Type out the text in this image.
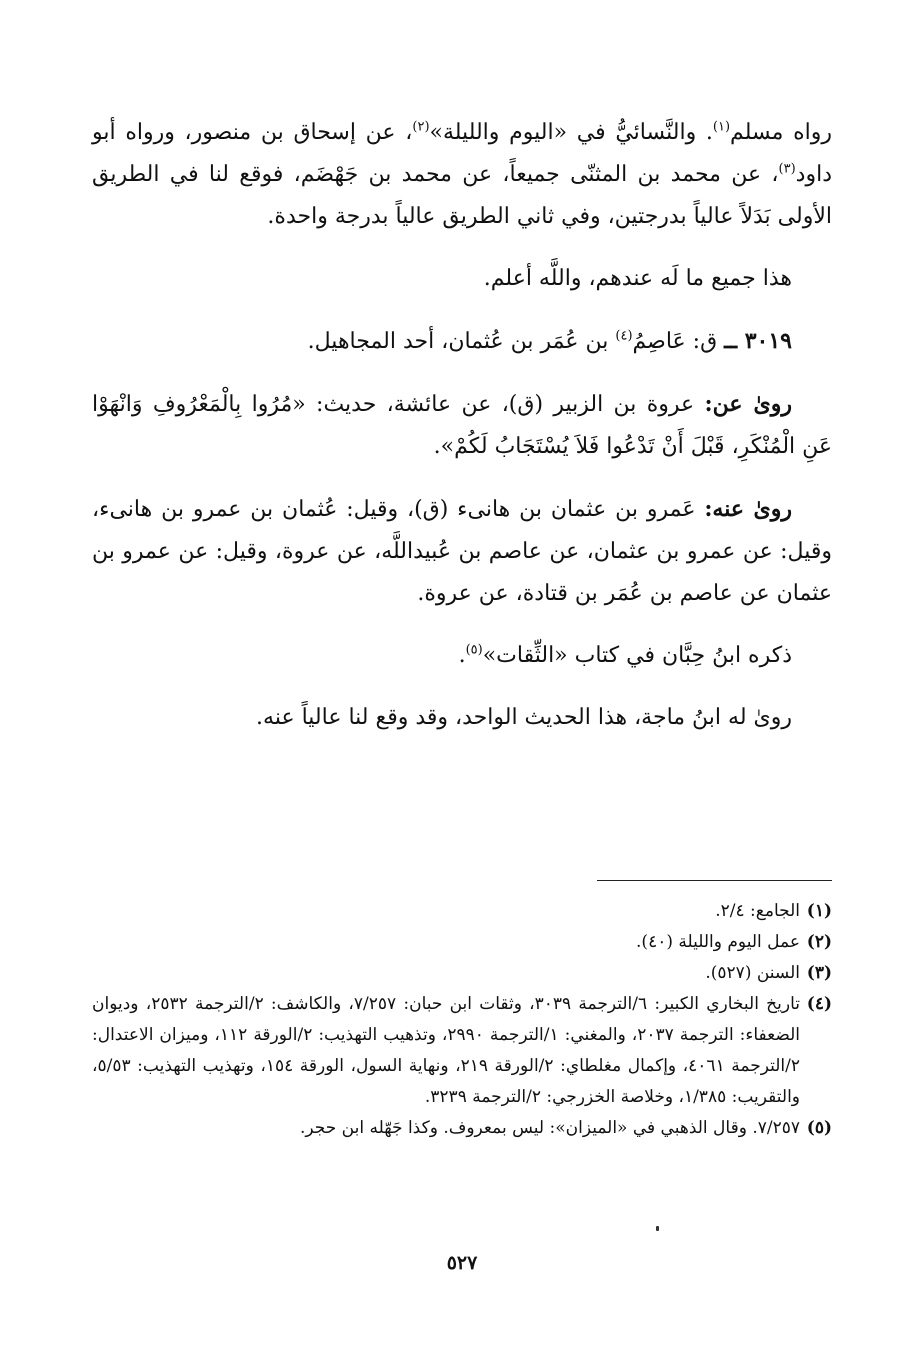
رواه مسلم$^{(١)}$. والنَّسائيُّ في «اليوم والليلة»$^{(٢)}$، عن إسحاق بن منصور، ورواه أبو داود$^{(٣)}$، عن محمد بن المثنّى جميعاً، عن محمد بن جَهْضَم، فوقع لنا في الطريق الأولى بَدَلاً عالياً بدرجتين، وفي ثاني الطريق عالياً بدرجة واحدة.

هذا جميع ما لَه عندهم، واللَّه أعلم.

٣٠١٩ ــ ق: عَاصِمُ$^{(٤)}$ بن عُمَر بن عُثمان، أحد المجاهيل.

روىٰ عن: عروة بن الزبير (ق)، عن عائشة، حديث: «مُرُوا بِالْمَعْرُوفِ وَانْهَوْا عَنِ الْمُنْكَرِ، قَبْلَ أَنْ تَدْعُوا فَلاَ يُسْتَجَابُ لَكُمْ».

روىٰ عنه: عَمرو بن عثمان بن هانىء (ق)، وقيل: عُثمان بن عمرو بن هانىء، وقيل: عن عمرو بن عثمان، عن عاصم بن عُبيداللَّه، عن عروة، وقيل: عن عمرو بن عثمان عن عاصم بن عُمَر بن قتادة، عن عروة.

ذكره ابنُ حِبَّان في كتاب «الثِّقات»$^{(٥)}$.

روىٰ له ابنُ ماجة، هذا الحديث الواحد، وقد وقع لنا عالياً عنه.

(١)
الجامع: ٢/٤.
(٢)
عمل اليوم والليلة (٤٠).
(٣)
السنن (٥٢٧).
(٤)
تاريخ البخاري الكبير: ٦/الترجمة ٣٠٣٩، وثقات ابن حبان: ٧/٢٥٧، والكاشف: ٢/الترجمة ٢٥٣٢، وديوان الضعفاء: الترجمة ٢٠٣٧، والمغني: ١/الترجمة ٢٩٩٠، وتذهيب التهذيب: ٢/الورقة ١١٢، وميزان الاعتدال: ٢/الترجمة ٤٠٦١، وإكمال مغلطاي: ٢/الورقة ٢١٩، ونهاية السول، الورقة ١٥٤، وتهذيب التهذيب: ٥/٥٣، والتقريب: ١/٣٨٥، وخلاصة الخزرجي: ٢/الترجمة ٣٢٣٩.
(٥)
٧/٢٥٧. وقال الذهبي في «الميزان»: ليس بمعروف. وكذا جَهّله ابن حجر.
٥٢٧
